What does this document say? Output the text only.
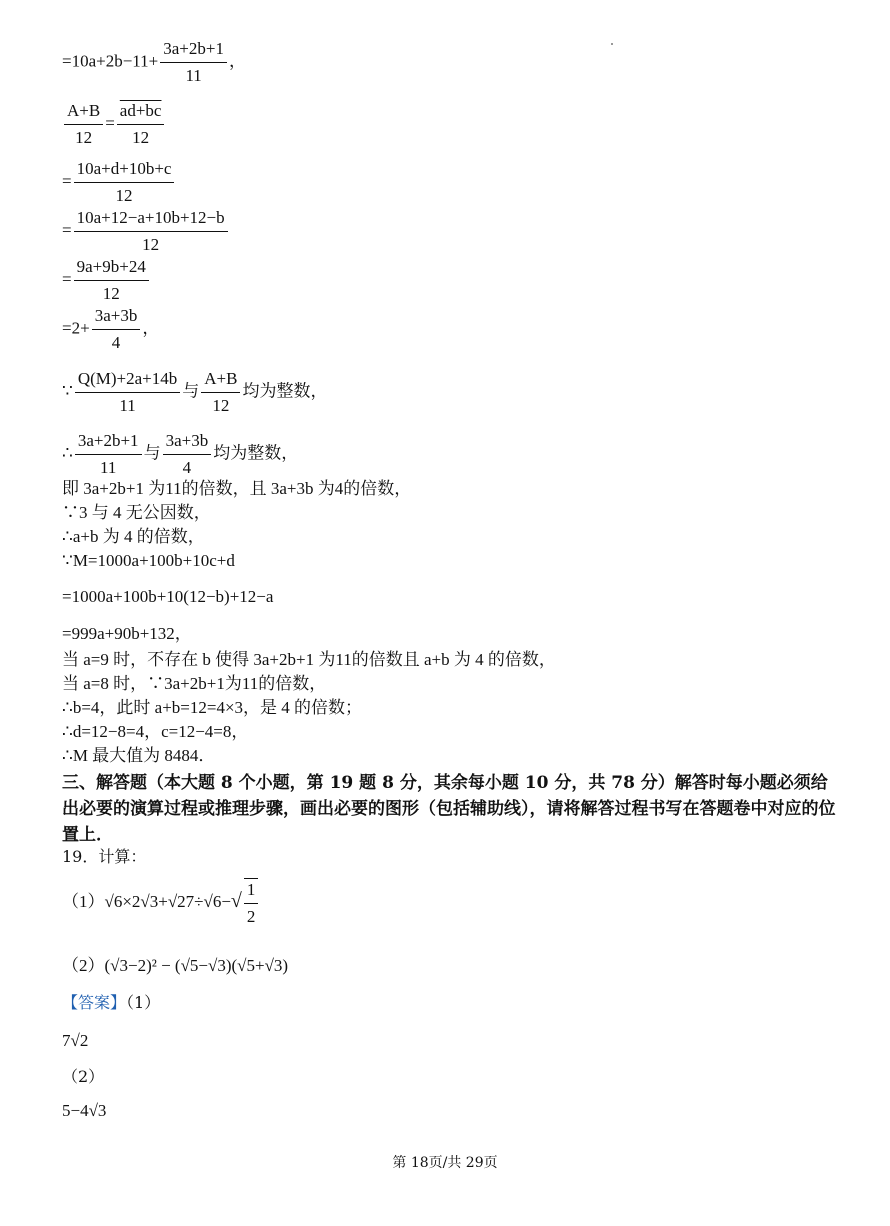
$=10a+2b-11+ \frac{3a+2b+1}{11}$ ，
$\frac{A+B}{12} = \frac{ad+bc}{12}$
= $\frac{10a+d+10b+c}{12}$
= $\frac{10a+12-a+10b+12-b}{12}$
= $\frac{9a+9b+24}{12}$
$=2+ \frac{3a+3b}{4}$ ，
∵ $\frac{Q(M)+2a+14b}{11}$ 与 $\frac{A+B}{12}$ 均为整数，
∴ $\frac{3a+2b+1}{11}$ 与 $\frac{3a+3b}{4}$ 均为整数，
即 3a+2b+1 为11的倍数，且 3a+3b 为4的倍数，
∵3 与 4 无公因数，
∴a+b 为 4 的倍数，
∵M=1000a+100b+10c+d
=1000a+100b+10(12−b)+12−a
=999a+90b+132，
当 a=9 时，不存在 b 使得 3a+2b+1 为11的倍数且 a+b 为 4 的倍数，
当 a=8 时，∵3a+2b+1为11的倍数，
∴b=4，此时 a+b=12=4×3，是 4 的倍数；
∴d=12−8=4，c=12−4=8，
∴M 最大值为 8484．
三、解答题（本大题 8 个小题，第 19 题 8 分，其余每小题 10 分，共 78 分）解答时每小题必须给出必要的演算过程或推理步骤，画出必要的图形（包括辅助线），请将解答过程书写在答题卷中对应的位置上．
19．计算：
$(1)√6\times 2√3+√27\div√6-√ \frac{1}{2}$
（2）(√3−2)² − (√5−√3)(√5+√3)
【答案】（1）
7√2
（2）
5−4√3
第 18页/共 29页
